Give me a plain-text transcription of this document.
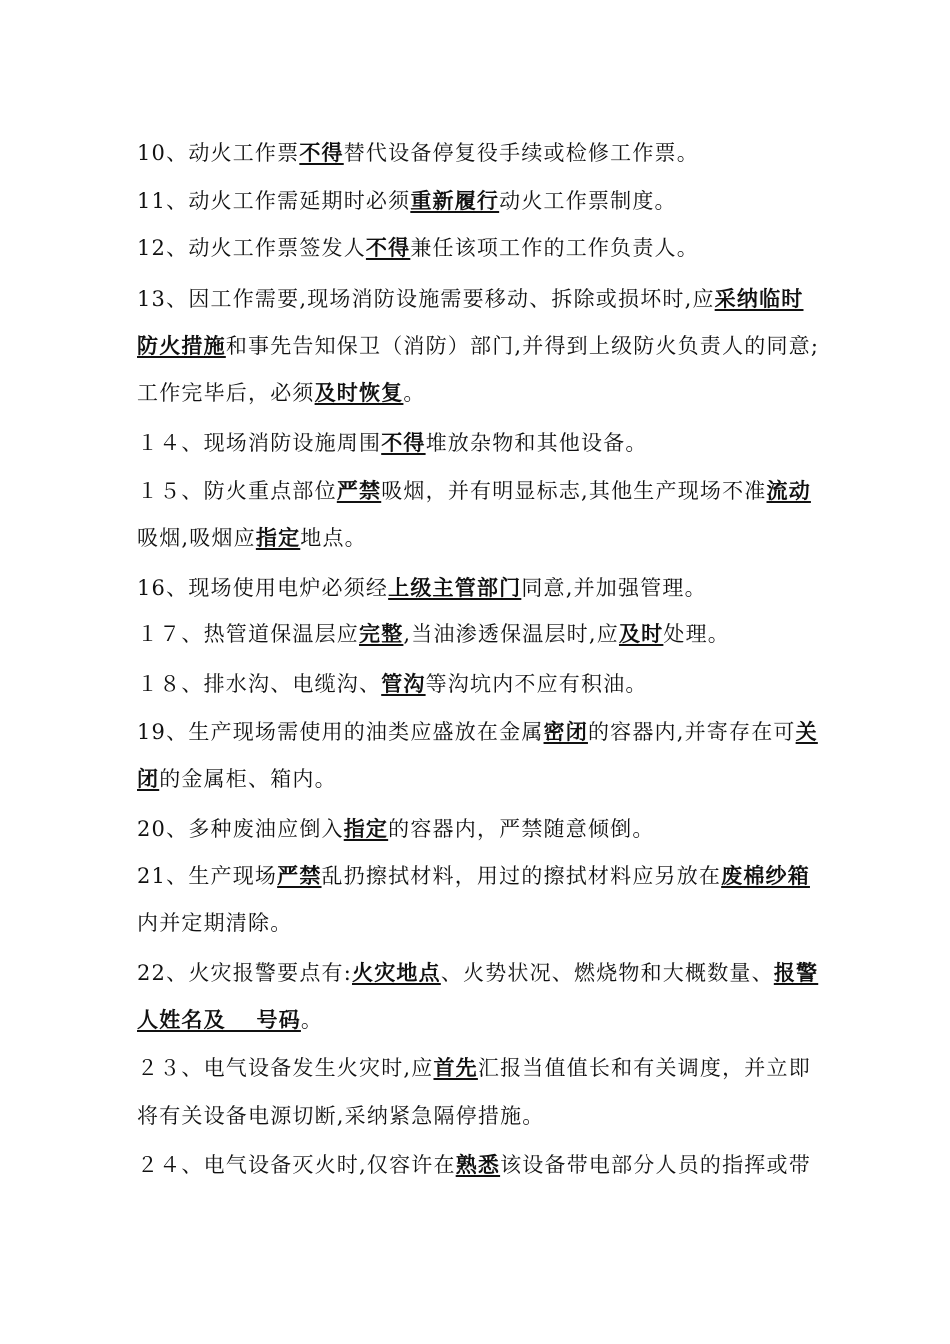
10、动火工作票不得替代设备停复役手续或检修工作票。
11、动火工作需延期时必须重新履行动火工作票制度。
12、动火工作票签发人不得兼任该项工作的工作负责人。
13、因工作需要,现场消防设施需要移动、拆除或损坏时,应采纳临时
防火措施和事先告知保卫（消防）部门,并得到上级防火负责人的同意;
工作完毕后，必须及时恢复。
１４、现场消防设施周围不得堆放杂物和其他设备。
１５、防火重点部位严禁吸烟，并有明显标志,其他生产现场不准流动
吸烟,吸烟应指定地点。
16、现场使用电炉必须经上级主管部门同意,并加强管理。
１７、热管道保温层应完整,当油渗透保温层时,应及时处理。
１８、排水沟、电缆沟、管沟等沟坑内不应有积油。
19、生产现场需使用的油类应盛放在金属密闭的容器内,并寄存在可关
闭的金属柜、箱内。
20、多种废油应倒入指定的容器内，严禁随意倾倒。
21、生产现场严禁乱扔擦拭材料，用过的擦拭材料应另放在废棉纱箱
内并定期清除。
22、火灾报警要点有:火灾地点、火势状况、燃烧物和大概数量、报警
人姓名及　 号码。
２３、电气设备发生火灾时,应首先汇报当值值长和有关调度，并立即
将有关设备电源切断,采纳紧急隔停措施。
２４、电气设备灭火时,仅容许在熟悉该设备带电部分人员的指挥或带
